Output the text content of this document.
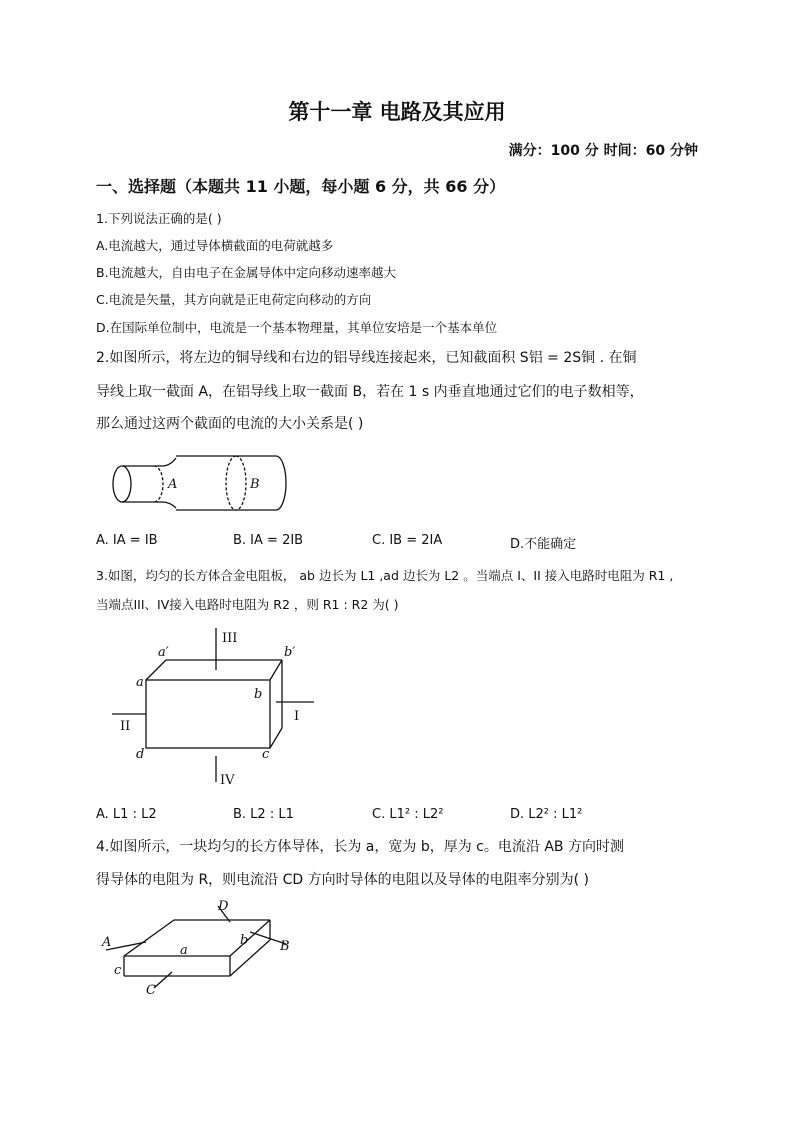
第十一章 电路及其应用
满分：100 分 时间：60 分钟
一、选择题（本题共 11 小题，每小题 6 分，共 66 分）
1.下列说法正确的是( )
A.电流越大，通过导体横截面的电荷就越多
B.电流越大，自由电子在金属导体中定向移动速率越大
C.电流是矢量，其方向就是正电荷定向移动的方向
D.在国际单位制中，电流是一个基本物理量，其单位安培是一个基本单位
2.如图所示，将左边的铜导线和右边的铝导线连接起来，已知截面积 S铝 = 2S铜 . 在铜
导线上取一截面 A，在铝导线上取一截面 B，若在 1 s 内垂直地通过它们的电子数相等，
那么通过这两个截面的电流的大小关系是( )
A	B
A. IA = IB	B. IA = 2IB	C. IB = 2IA	D.不能确定
3.如图，均匀的长方体合金电阻板， ab 边长为 L1 ,ad 边长为 L2 。当端点 I、II 接入电路时电阻为 R1 ,
当端点III、IV接入电路时电阻为 R2 ，则 R1 : R2 为( )
III
a′	b′
a
b
II
I
d	c
IV
A. L1 : L2	B. L2 : L1	C. L1² : L2²	D. L2² : L1²
4.如图所示，一块均匀的长方体导体，长为 a，宽为 b，厚为 c。电流沿 AB 方向时测
得导体的电阻为 R，则电流沿 CD 方向时导体的电阻以及导体的电阻率分别为( )
D
A	b B
a
c
C
